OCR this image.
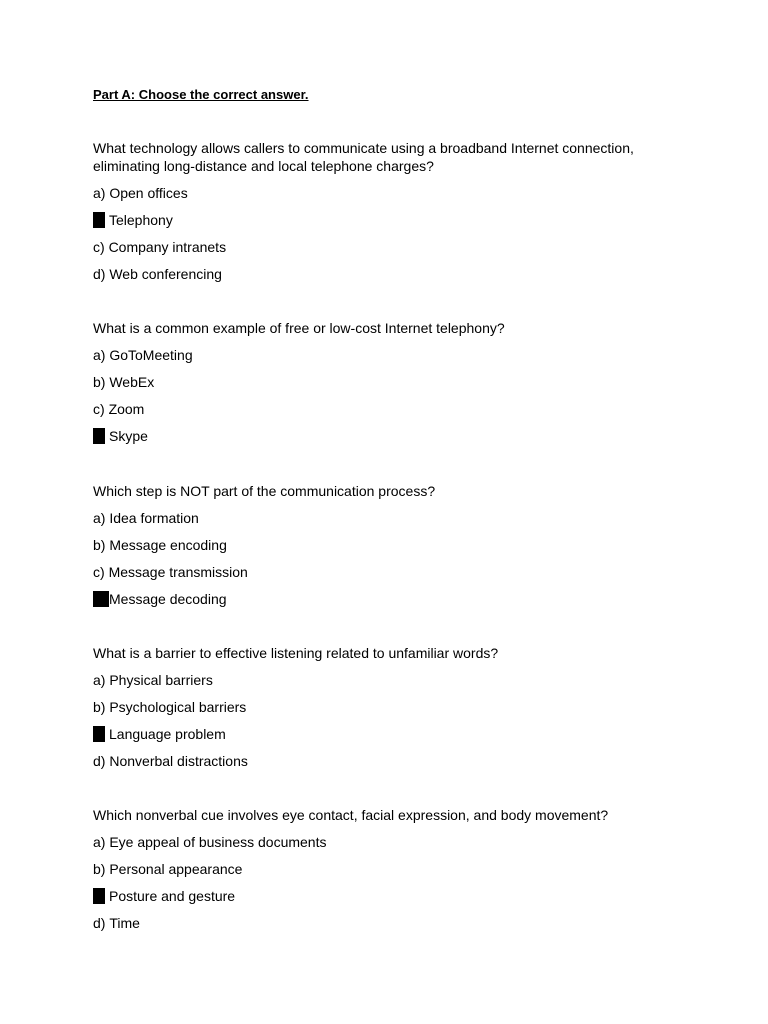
Part A: Choose the correct answer.

What technology allows callers to communicate using a broadband Internet connection, eliminating long-distance and local telephone charges?

a) Open offices

Telephony

c) Company intranets

d) Web conferencing

What is a common example of free or low-cost Internet telephony?

a) GoToMeeting

b) WebEx

c) Zoom

Skype

Which step is NOT part of the communication process?

a) Idea formation

b) Message encoding

c) Message transmission

Message decoding

What is a barrier to effective listening related to unfamiliar words?

a) Physical barriers

b) Psychological barriers

Language problem

d) Nonverbal distractions

Which nonverbal cue involves eye contact, facial expression, and body movement?

a) Eye appeal of business documents

b) Personal appearance

Posture and gesture

d) Time
